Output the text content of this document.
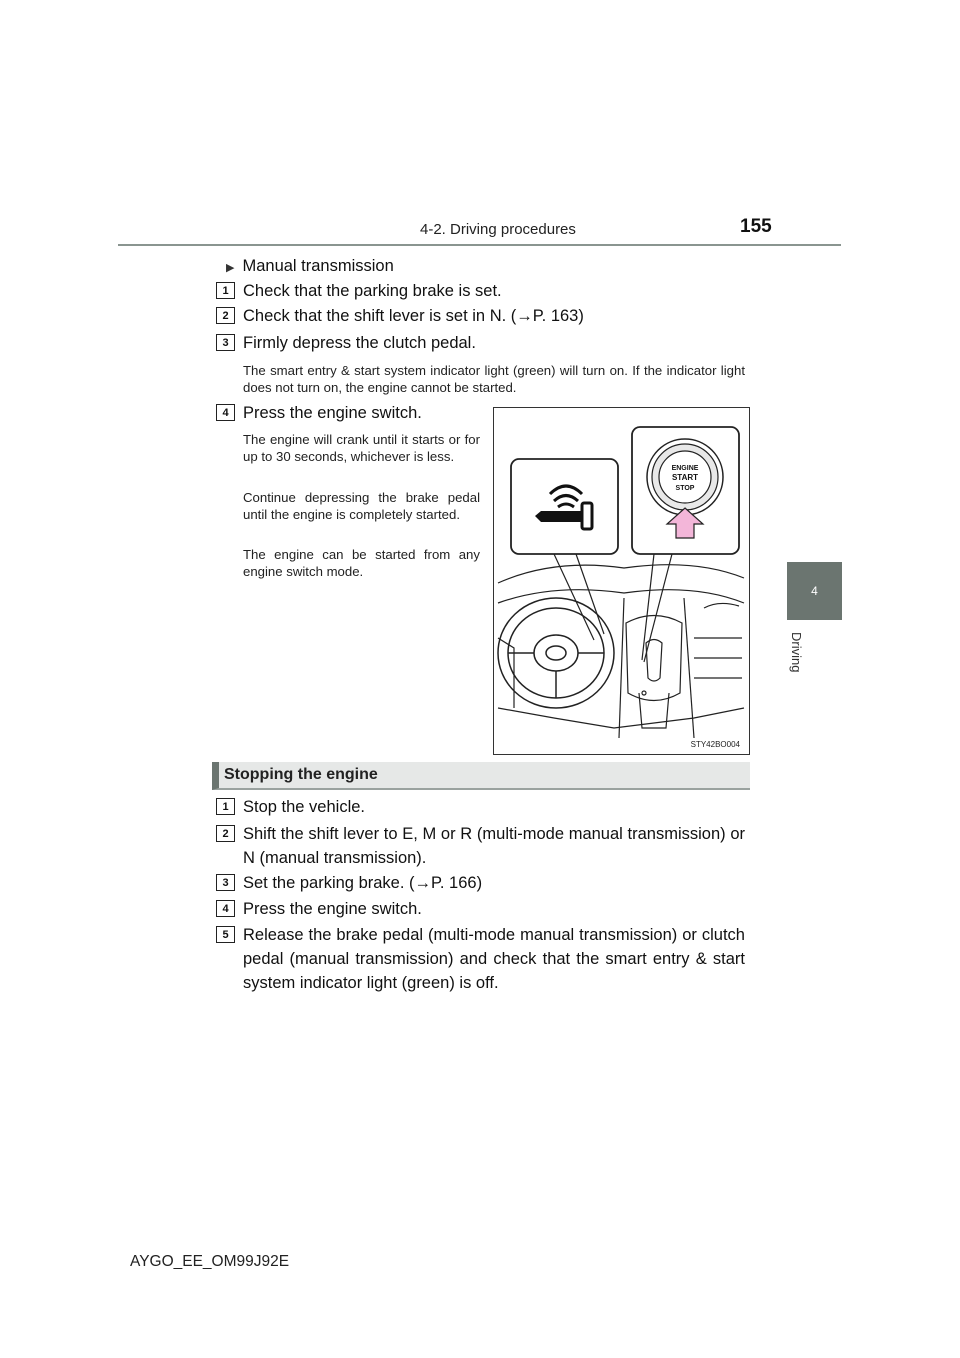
4-2. Driving procedures	155
4
Driving
▶ Manual transmission
1 Check that the parking brake is set.
2 Check that the shift lever is set in N. (→P. 163)
3 Firmly depress the clutch pedal.
The smart entry & start system indicator light (green) will turn on. If the indicator light does not turn on, the engine cannot be started.
4 Press the engine switch.
The engine will crank until it starts or for up to 30 seconds, whichever is less.
Continue depressing the brake pedal until the engine is completely started.
The engine can be started from any engine switch mode.
ENGINE
START
STOP
STY42BO004
Stopping the engine
1 Stop the vehicle.
2 Shift the shift lever to E, M or R (multi-mode manual transmission) or N (manual transmission).
3 Set the parking brake. (→P. 166)
4 Press the engine switch.
5 Release the brake pedal (multi-mode manual transmission) or clutch pedal (manual transmission) and check that the smart entry & start system indicator light (green) is off.
AYGO_EE_OM99J92E
